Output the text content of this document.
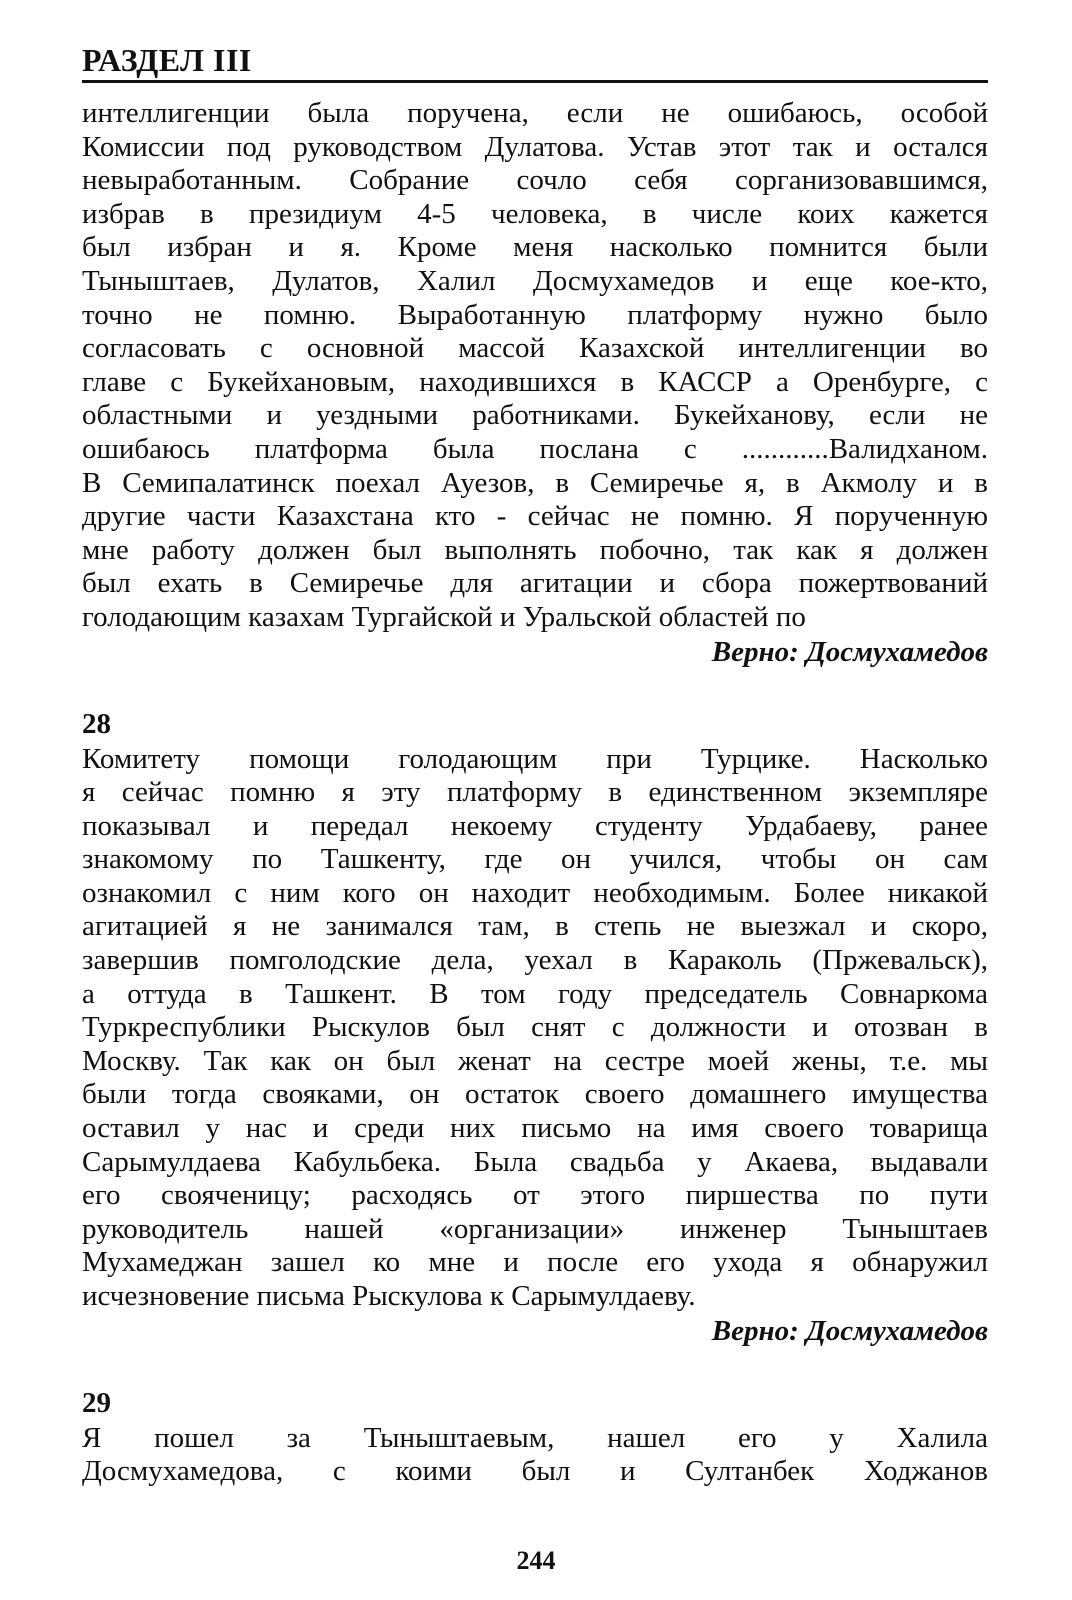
РАЗДЕЛ III
интеллигенции была поручена, если не ошибаюсь, особой
Комиссии под руководством Дулатова. Устав этот так и остался
невыработанным. Собрание сочло себя сорганизовавшимся,
избрав в президиум 4-5 человека, в числе коих кажется
был избран и я. Кроме меня насколько помнится были
Тыныштаев, Дулатов, Халил Досмухамедов и еще кое-кто,
точно не помню. Выработанную платформу нужно было
согласовать с основной массой Казахской интеллигенции во
главе с Букейхановым, находившихся в КАССР а Оренбурге, с
областными и уездными работниками. Букейханову, если не
ошибаюсь платформа была послана с ............Валидханом.
В Семипалатинск поехал Ауезов, в Семиречье я, в Акмолу и в
другие части Казахстана кто - сейчас не помню. Я порученную
мне работу должен был выполнять побочно, так как я должен
был ехать в Семиречье для агитации и сбора пожертвований
голодающим казахам Тургайской и Уральской областей по
Верно: Досмухамедов
28
Комитету помощи голодающим при Турцике. Насколько
я сейчас помню я эту платформу в единственном экземпляре
показывал и передал некоему студенту Урдабаеву, ранее
знакомому по Ташкенту, где он учился, чтобы он сам
ознакомил с ним кого он находит необходимым. Более никакой
агитацией я не занимался там, в степь не выезжал и скоро,
завершив помголодские дела, уехал в Караколь (Пржевальск),
а оттуда в Ташкент. В том году председатель Совнаркома
Туркреспублики Рыскулов был снят с должности и отозван в
Москву. Так как он был женат на сестре моей жены, т.е. мы
были тогда свояками, он остаток своего домашнего имущества
оставил у нас и среди них письмо на имя своего товарища
Сарымулдаева Кабульбека. Была свадьба у Акаева, выдавали
его свояченицу; расходясь от этого пиршества по пути
руководитель нашей «организации» инженер Тыныштаев
Мухамеджан зашел ко мне и после его ухода я обнаружил
исчезновение письма Рыскулова к Сарымулдаеву.
Верно: Досмухамедов
29
Я пошел за Тыныштаевым, нашел его у Халила
Досмухамедова, с коими был и Султанбек Ходжанов
244
